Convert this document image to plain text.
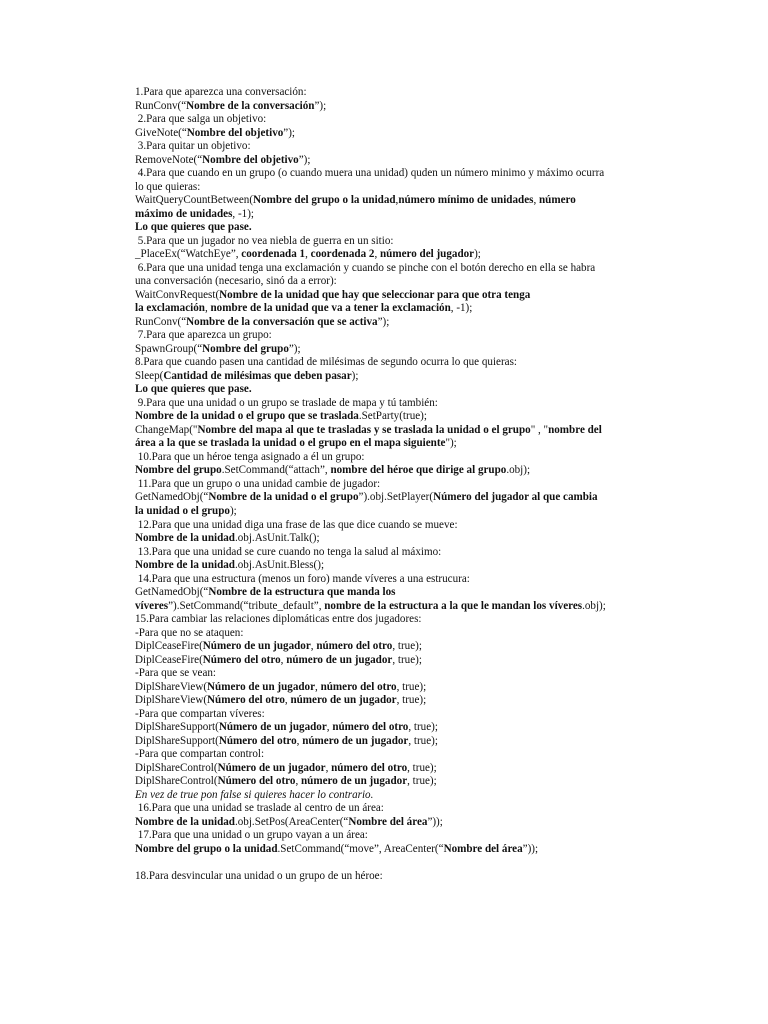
1.Para que aparezca una conversación:
RunConv(“Nombre de la conversación”);
2.Para que salga un objetivo:
GiveNote(“Nombre del objetivo”);
3.Para quitar un objetivo:
RemoveNote(“Nombre del objetivo”);
4.Para que cuando en un grupo (o cuando muera una unidad) quden un número minimo y máximo ocurra
lo que quieras:
WaitQueryCountBetween(Nombre del grupo o la unidad,número mínimo de unidades, número
máximo de unidades, -1);
Lo que quieres que pase.
5.Para que un jugador no vea niebla de guerra en un sitio:
_PlaceEx(“WatchEye”, coordenada 1, coordenada 2, número del jugador);
6.Para que una unidad tenga una exclamación y cuando se pinche con el botón derecho en ella se habra
una conversación (necesario, sinó da a error):
WaitConvRequest(Nombre de la unidad que hay que seleccionar para que otra tenga
la exclamación, nombre de la unidad que va a tener la exclamación, -1);
RunConv(“Nombre de la conversación que se activa”);
7.Para que aparezca un grupo:
SpawnGroup(“Nombre del grupo”);
8.Para que cuando pasen una cantidad de milésimas de segundo ocurra lo que quieras:
Sleep(Cantidad de milésimas que deben pasar);
Lo que quieres que pase.
9.Para que una unidad o un grupo se traslade de mapa y tú también:
Nombre de la unidad o el grupo que se traslada.SetParty(true);
ChangeMap("Nombre del mapa al que te trasladas y se traslada la unidad o el grupo" , "nombre del
área a la que se traslada la unidad o el grupo en el mapa siguiente");
10.Para que un héroe tenga asignado a él un grupo:
Nombre del grupo.SetCommand(“attach”, nombre del héroe que dirige al grupo.obj);
11.Para que un grupo o una unidad cambie de jugador:
GetNamedObj(“Nombre de la unidad o el grupo”).obj.SetPlayer(Número del jugador al que cambia
la unidad o el grupo);
12.Para que una unidad diga una frase de las que dice cuando se mueve:
Nombre de la unidad.obj.AsUnit.Talk();
13.Para que una unidad se cure cuando no tenga la salud al máximo:
Nombre de la unidad.obj.AsUnit.Bless();
14.Para que una estructura (menos un foro) mande víveres a una estrucura:
GetNamedObj(“Nombre de la estructura que manda los
víveres”).SetCommand(“tribute_default”, nombre de la estructura a la que le mandan los víveres.obj);
15.Para cambiar las relaciones diplomáticas entre dos jugadores:
-Para que no se ataquen:
DiplCeaseFire(Número de un jugador, número del otro, true);
DiplCeaseFire(Número del otro, número de un jugador, true);
-Para que se vean:
DiplShareView(Número de un jugador, número del otro, true);
DiplShareView(Número del otro, número de un jugador, true);
-Para que compartan víveres:
DiplShareSupport(Número de un jugador, número del otro, true);
DiplShareSupport(Número del otro, número de un jugador, true);
-Para que compartan control:
DiplShareControl(Número de un jugador, número del otro, true);
DiplShareControl(Número del otro, número de un jugador, true);
En vez de true pon false si quieres hacer lo contrario.
16.Para que una unidad se traslade al centro de un área:
Nombre de la unidad.obj.SetPos(AreaCenter(“Nombre del área”));
17.Para que una unidad o un grupo vayan a un área:
Nombre del grupo o la unidad.SetCommand(“move”, AreaCenter(“Nombre del área”));
18.Para desvincular una unidad o un grupo de un héroe:
